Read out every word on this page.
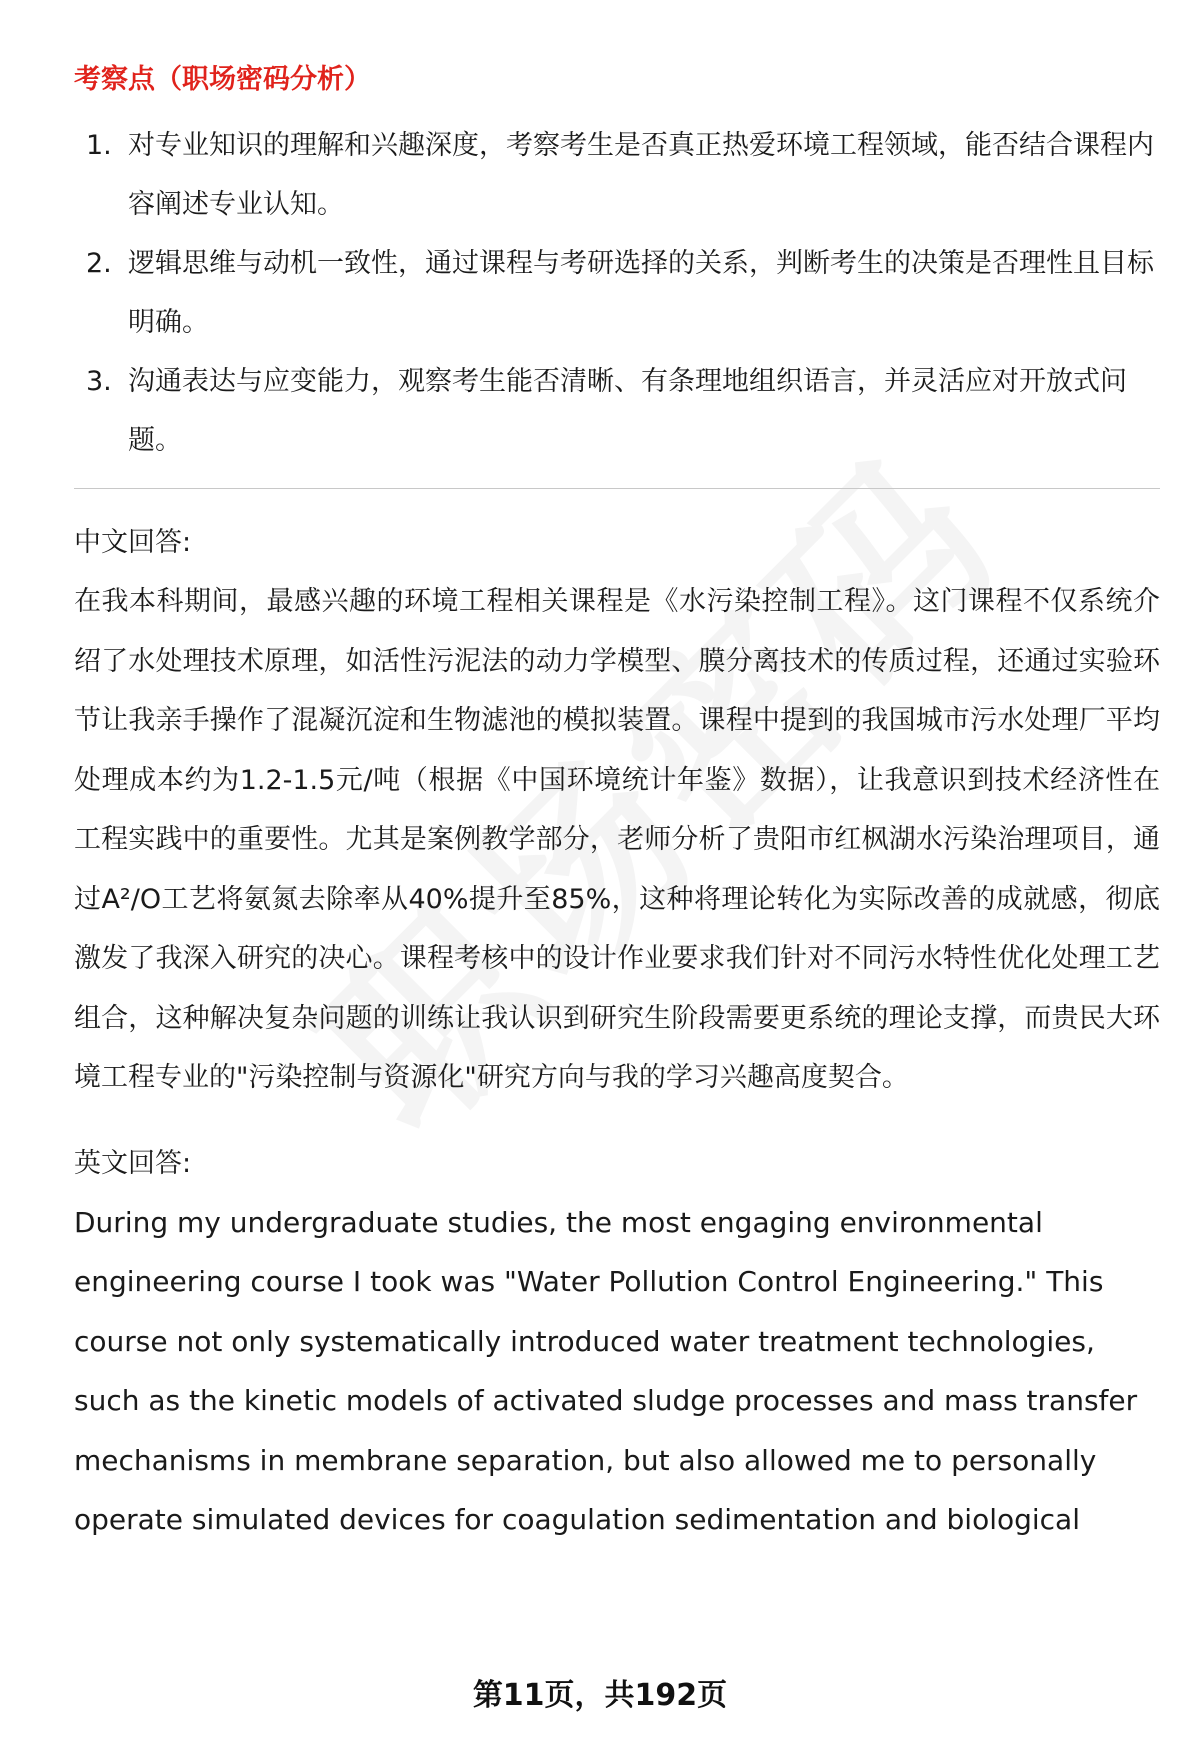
考察点（职场密码分析）
1. 对专业知识的理解和兴趣深度，考察考生是否真正热爱环境工程领域，能否结合课程内容阐述专业认知。
2. 逻辑思维与动机一致性，通过课程与考研选择的关系，判断考生的决策是否理性且目标明确。
3. 沟通表达与应变能力，观察考生能否清晰、有条理地组织语言，并灵活应对开放式问题。
中文回答:

在我本科期间，最感兴趣的环境工程相关课程是《水污染控制工程》。这门课程不仅系统介绍了水处理技术原理，如活性污泥法的动力学模型、膜分离技术的传质过程，还通过实验环节让我亲手操作了混凝沉淀和生物滤池的模拟装置。课程中提到的我国城市污水处理厂平均处理成本约为1.2-1.5元/吨（根据《中国环境统计年鉴》数据），让我意识到技术经济性在工程实践中的重要性。尤其是案例教学部分，老师分析了贵阳市红枫湖水污染治理项目，通过A²/O工艺将氨氮去除率从40%提升至85%，这种将理论转化为实际改善的成就感，彻底激发了我深入研究的决心。课程考核中的设计作业要求我们针对不同污水特性优化处理工艺组合，这种解决复杂问题的训练让我认识到研究生阶段需要更系统的理论支撑，而贵民大环境工程专业的"污染控制与资源化"研究方向与我的学习兴趣高度契合。

英文回答:

During my undergraduate studies, the most engaging environmental engineering course I took was "Water Pollution Control Engineering." This course not only systematically introduced water treatment technologies, such as the kinetic models of activated sludge processes and mass transfer mechanisms in membrane separation, but also allowed me to personally operate simulated devices for coagulation sedimentation and biological

第11页，共192页
